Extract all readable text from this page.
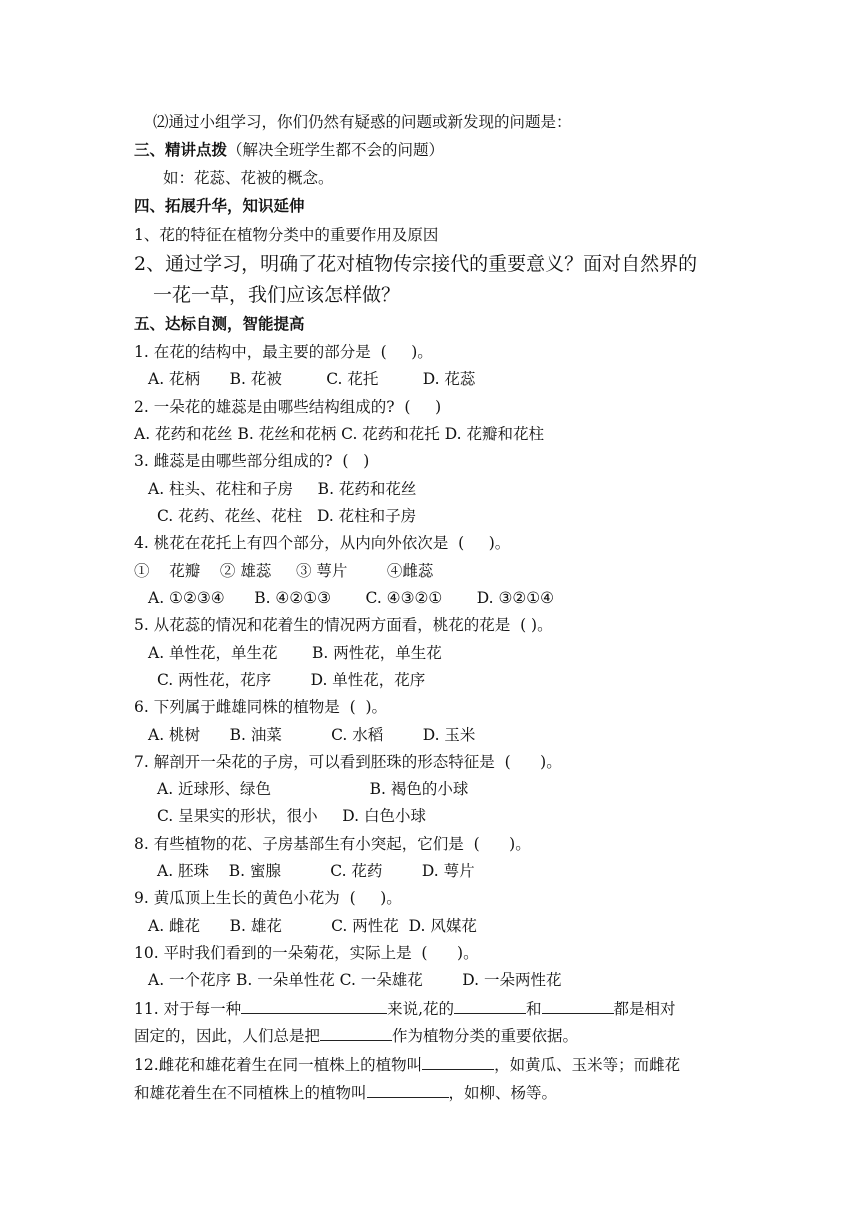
⑵通过小组学习，你们仍然有疑惑的问题或新发现的问题是：
三、精讲点拨（解决全班学生都不会的问题）
如：花蕊、花被的概念。
四、拓展升华，知识延伸
1、花的特征在植物分类中的重要作用及原因
2、通过学习，明确了花对植物传宗接代的重要意义？面对自然界的
一花一草，我们应该怎样做？
五、达标自测，智能提高
1. 在花的结构中，最主要的部分是  (     )。
A. 花柄      B. 花被         C. 花托         D. 花蕊
2. 一朵花的雄蕊是由哪些结构组成的?  (     )
A. 花药和花丝 B. 花丝和花柄 C. 花药和花托 D. 花瓣和花柱
3. 雌蕊是由哪些部分组成的?  (   )
A. 柱头、花柱和子房     B. 花药和花丝
C. 花药、花丝、花柱   D. 花柱和子房
4. 桃花在花托上有四个部分，从内向外依次是  (     )。
①    花瓣    ② 雄蕊     ③ 萼片        ④雌蕊
A. ①②③④      B. ④②①③       C. ④③②①       D. ③②①④
5. 从花蕊的情况和花着生的情况两方面看，桃花的花是  ( )。
A. 单性花，单生花       B. 两性花，单生花
C. 两性花，花序        D. 单性花，花序
6. 下列属于雌雄同株的植物是  (  )。
A. 桃树      B. 油菜          C. 水稻        D. 玉米
7. 解剖开一朵花的子房，可以看到胚珠的形态特征是  (      )。
A. 近球形、绿色                    B. 褐色的小球
C. 呈果实的形状，很小     D. 白色小球
8. 有些植物的花、子房基部生有小突起，它们是  (      )。
A. 胚珠    B. 蜜腺          C. 花药        D. 萼片
9. 黄瓜顶上生长的黄色小花为  (     )。
A. 雌花      B. 雄花          C. 两性花  D. 风媒花
10. 平时我们看到的一朵菊花，实际上是  (      )。
A. 一个花序 B. 一朵单性花 C. 一朵雄花        D. 一朵两性花
11. 对于每一种	来说,花的	和	都是相对
固定的，因此，人们总是把	作为植物分类的重要依据。
12.雌花和雄花着生在同一植株上的植物叫	，如黄瓜、玉米等；而雌花
和雄花着生在不同植株上的植物叫	，如柳、杨等。
